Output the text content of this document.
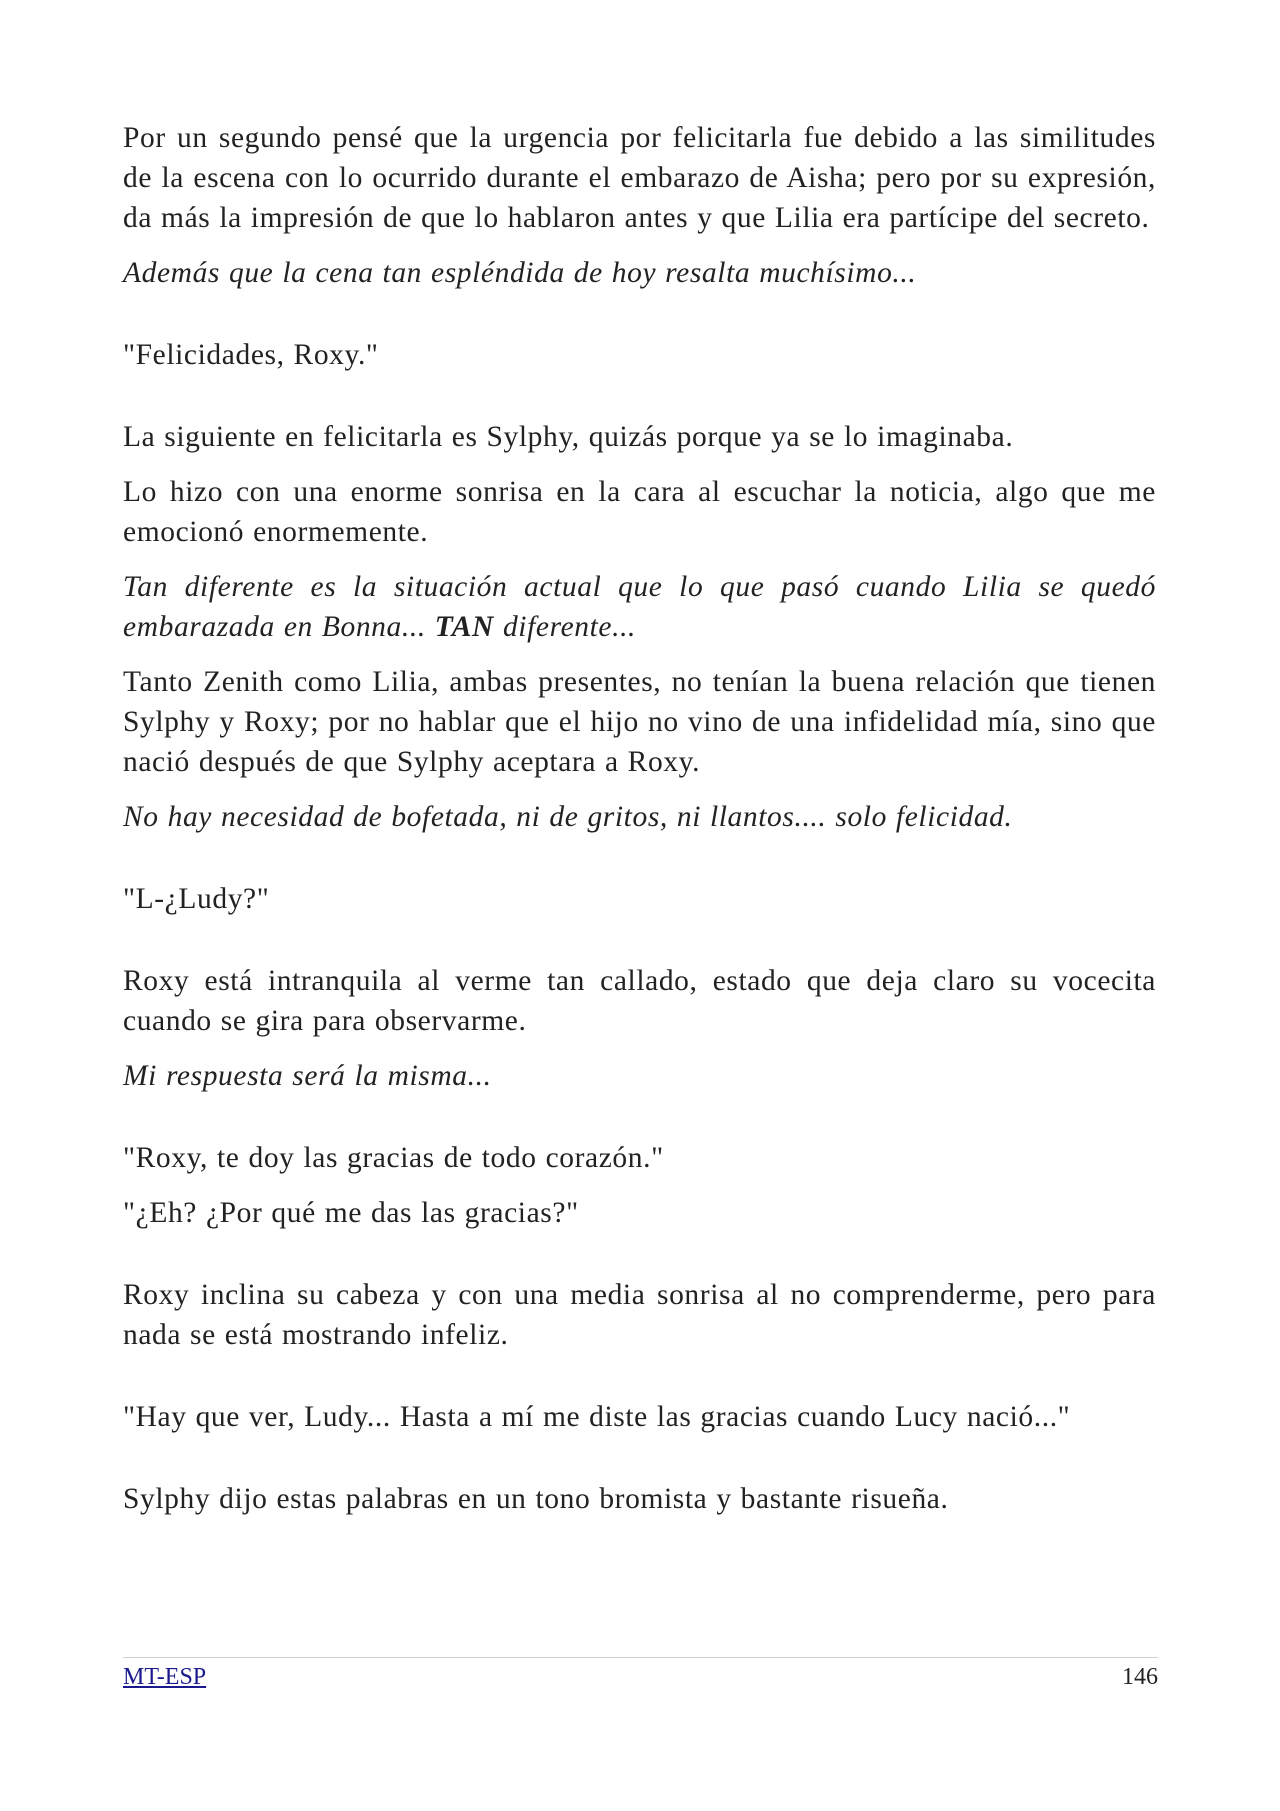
Por un segundo pensé que la urgencia por felicitarla fue debido a las similitudes de la escena con lo ocurrido durante el embarazo de Aisha; pero por su expresión, da más la impresión de que lo hablaron antes y que Lilia era partícipe del secreto.

Además que la cena tan espléndida de hoy resalta muchísimo...

"Felicidades, Roxy."

La siguiente en felicitarla es Sylphy, quizás porque ya se lo imaginaba.

Lo hizo con una enorme sonrisa en la cara al escuchar la noticia, algo que me emocionó enormemente.

Tan diferente es la situación actual que lo que pasó cuando Lilia se quedó embarazada en Bonna... TAN diferente...

Tanto Zenith como Lilia, ambas presentes, no tenían la buena relación que tienen Sylphy y Roxy; por no hablar que el hijo no vino de una infidelidad mía, sino que nació después de que Sylphy aceptara a Roxy.

No hay necesidad de bofetada, ni de gritos, ni llantos.... solo felicidad.

"L-¿Ludy?"

Roxy está intranquila al verme tan callado, estado que deja claro su vocecita cuando se gira para observarme.

Mi respuesta será la misma...

"Roxy, te doy las gracias de todo corazón."

"¿Eh? ¿Por qué me das las gracias?"

Roxy inclina su cabeza y con una media sonrisa al no comprenderme, pero para nada se está mostrando infeliz.

"Hay que ver, Ludy... Hasta a mí me diste las gracias cuando Lucy nació..."

Sylphy dijo estas palabras en un tono bromista y bastante risueña.

MT-ESP	146
